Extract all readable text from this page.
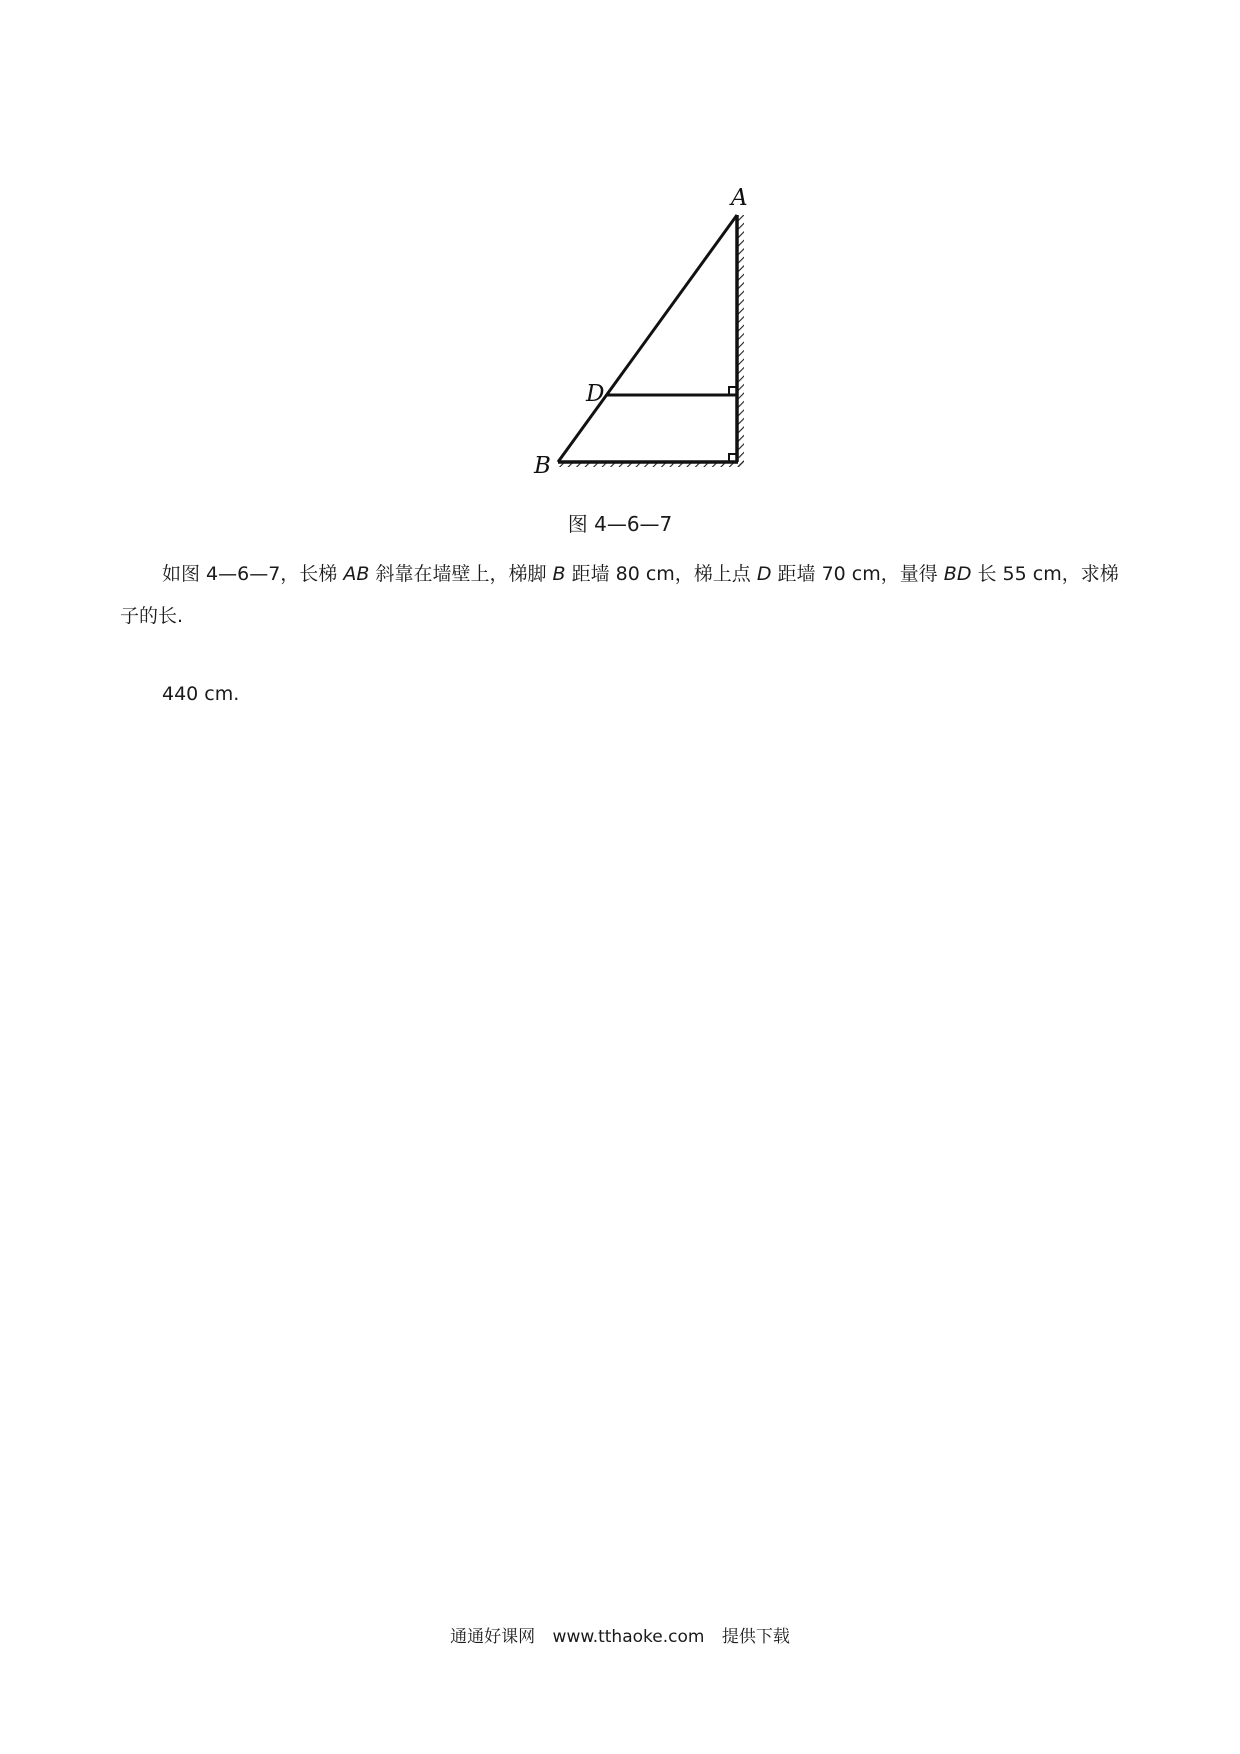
A
D
B
图 4—6—7
如图 4—6—7，长梯 AB 斜靠在墙壁上，梯脚 B 距墙 80 cm，梯上点 D 距墙 70 cm，量得 BD 长 55 cm，求梯子的长.
440 cm.
通通好课网 www.tthaoke.com 提供下载
